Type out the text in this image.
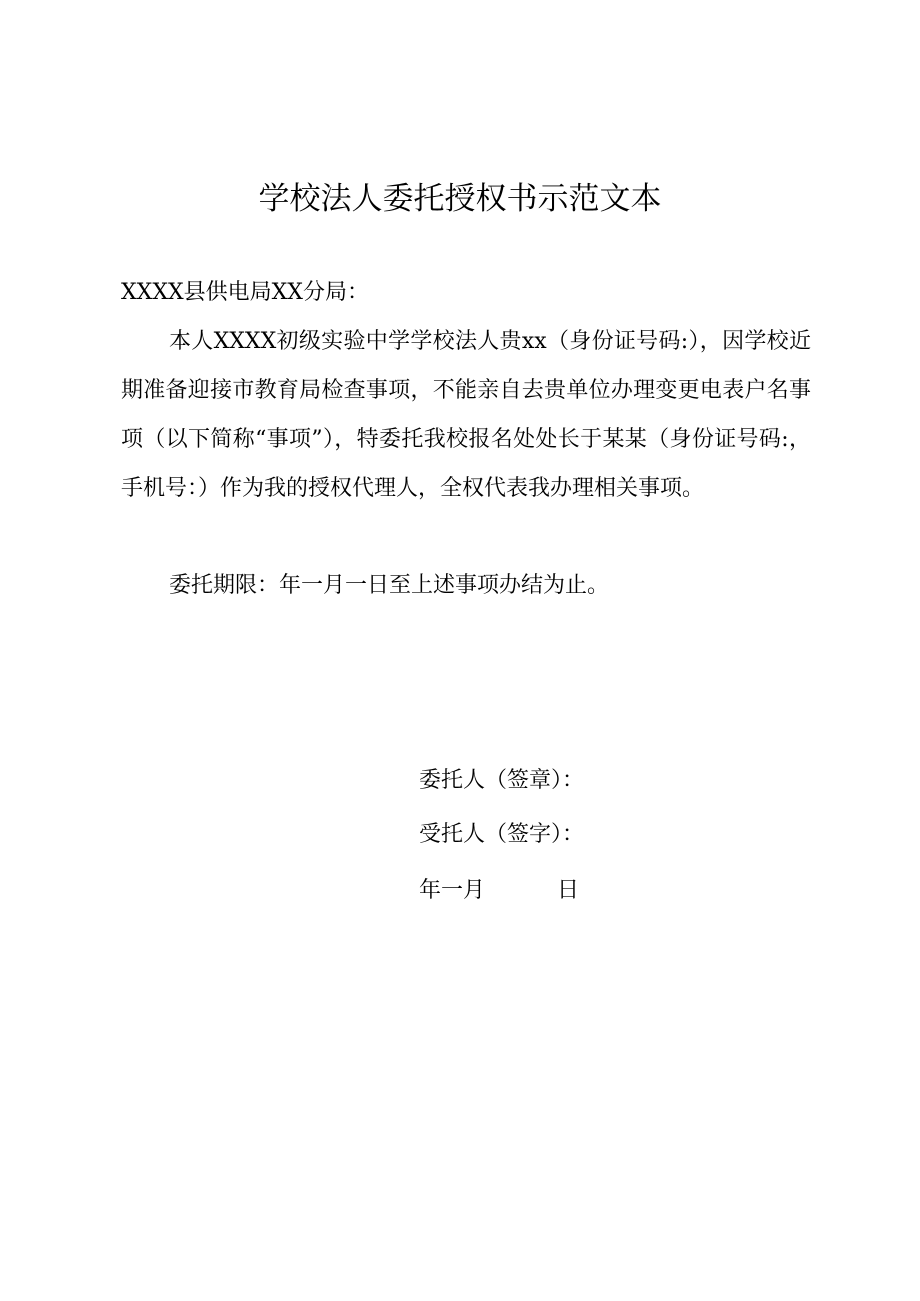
学校法人委托授权书示范文本
XXXX县供电局XX分局：
本人XXXX初级实验中学学校法人贵xx（身份证号码:），因学校近期准备迎接市教育局检查事项，不能亲自去贵单位办理变更电表户名事项（以下简称“事项”），特委托我校报名处处长于某某（身份证号码:，手机号：）作为我的授权代理人，全权代表我办理相关事项。
委托期限：年一月一日至上述事项办结为止。
委托人（签章）：
受托人（签字）：
年一月	日
